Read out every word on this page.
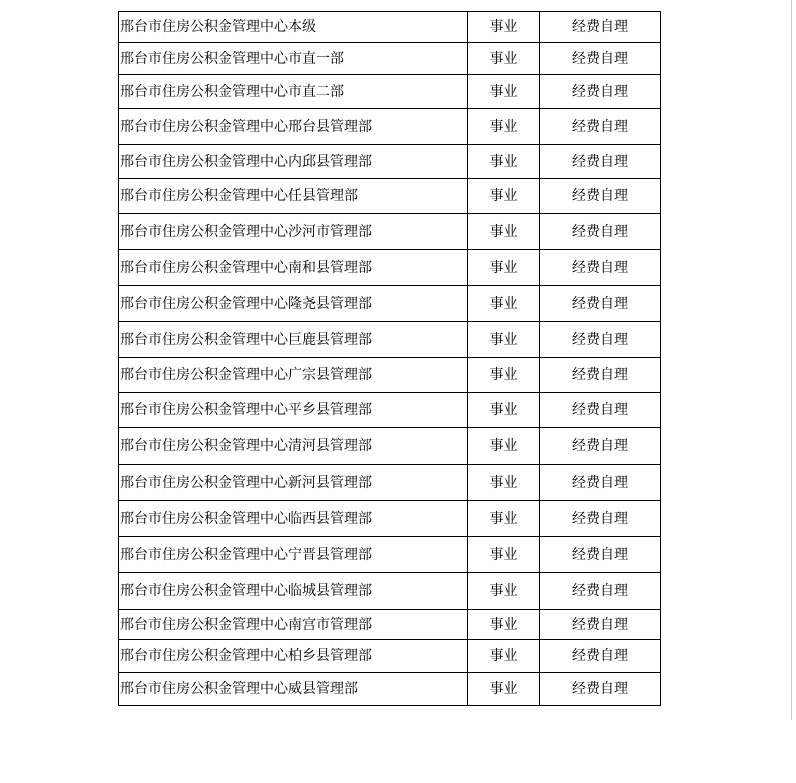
邢台市住房公积金管理中心本级	事业	经费自理
邢台市住房公积金管理中心市直一部	事业	经费自理
邢台市住房公积金管理中心市直二部	事业	经费自理
邢台市住房公积金管理中心邢台县管理部	事业	经费自理
邢台市住房公积金管理中心内邱县管理部	事业	经费自理
邢台市住房公积金管理中心任县管理部	事业	经费自理
邢台市住房公积金管理中心沙河市管理部	事业	经费自理
邢台市住房公积金管理中心南和县管理部	事业	经费自理
邢台市住房公积金管理中心隆尧县管理部	事业	经费自理
邢台市住房公积金管理中心巨鹿县管理部	事业	经费自理
邢台市住房公积金管理中心广宗县管理部	事业	经费自理
邢台市住房公积金管理中心平乡县管理部	事业	经费自理
邢台市住房公积金管理中心清河县管理部	事业	经费自理
邢台市住房公积金管理中心新河县管理部	事业	经费自理
邢台市住房公积金管理中心临西县管理部	事业	经费自理
邢台市住房公积金管理中心宁晋县管理部	事业	经费自理
邢台市住房公积金管理中心临城县管理部	事业	经费自理
邢台市住房公积金管理中心南宫市管理部	事业	经费自理
邢台市住房公积金管理中心柏乡县管理部	事业	经费自理
邢台市住房公积金管理中心威县管理部	事业	经费自理
